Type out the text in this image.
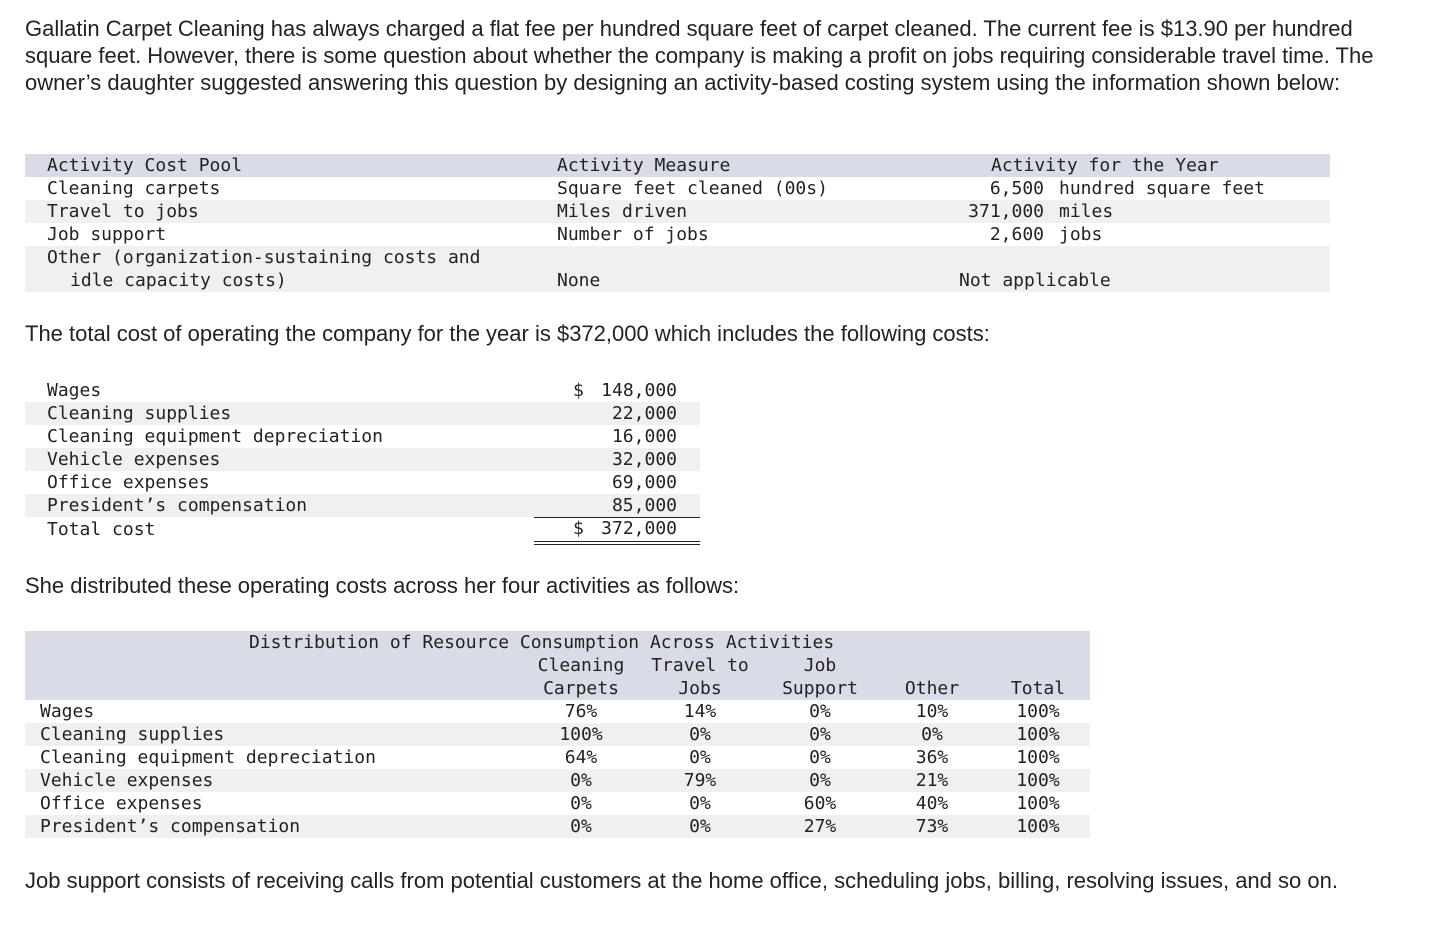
Gallatin Carpet Cleaning has always charged a flat fee per hundred square feet of carpet cleaned. The current fee is $13.90 per hundred square feet. However, there is some question about whether the company is making a profit on jobs requiring considerable travel time. The owner’s daughter suggested answering this question by designing an activity-based costing system using the information shown below:
Activity Cost Pool	Activity Measure	Activity for the Year
Cleaning carpets	Square feet cleaned (00s)	6,500 hundred square feet
Travel to jobs	Miles driven	371,000 miles
Job support	Number of jobs	2,600 jobs
Other (organization-sustaining costs and
idle capacity costs)	None	Not applicable
The total cost of operating the company for the year is $372,000 which includes the following costs:
Wages	$ 148,000
Cleaning supplies	22,000
Cleaning equipment depreciation	16,000
Vehicle expenses	32,000
Office expenses	69,000
President’s compensation	85,000
Total cost	$ 372,000
She distributed these operating costs across her four activities as follows:
Distribution of Resource Consumption Across Activities
Cleaning	Travel to	Job
Carpets	Jobs	Support	Other	Total
Wages	76%	14%	0%	10%	100%
Cleaning supplies	100%	0%	0%	0%	100%
Cleaning equipment depreciation	64%	0%	0%	36%	100%
Vehicle expenses	0%	79%	0%	21%	100%
Office expenses	0%	0%	60%	40%	100%
President’s compensation	0%	0%	27%	73%	100%
Job support consists of receiving calls from potential customers at the home office, scheduling jobs, billing, resolving issues, and so on.
